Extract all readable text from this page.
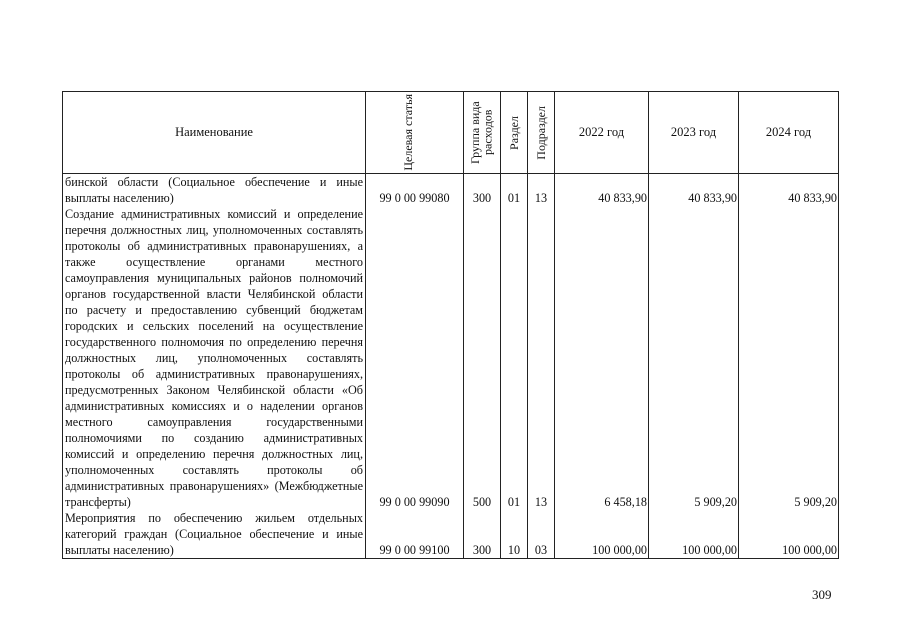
Наименование	Целевая статья	Группа вида расходов	Раздел	Подраздел	2022 год	2023 год	2024 год
бинской области (Социальное обеспечение и иные выплаты населению)	99 0 00 99080	300	01	13	40 833,90	40 833,90	40 833,90
Создание административных комиссий и определение перечня должностных лиц, уполномоченных составлять протоколы об административных правонарушениях, а также осуществление органами местного самоуправления муниципальных районов полномочий органов государственной власти Челябинской области по расчету и предоставлению субвенций бюджетам городских и сельских поселений на осуществление государственного полномочия по определению перечня должностных лиц, уполномоченных составлять протоколы об административных правонарушениях, предусмотренных Законом Челябинской области «Об административных комиссиях и о наделении органов местного самоуправления государственными полномочиями по созданию административных комиссий и определению перечня должностных лиц, уполномоченных составлять протоколы об административных правонарушениях» (Межбюджетные трансферты)	99 0 00 99090	500	01	13	6 458,18	5 909,20	5 909,20
Мероприятия по обеспечению жильем отдельных категорий граждан (Социальное обеспечение и иные выплаты населению)	99 0 00 99100	300	10	03	100 000,00	100 000,00	100 000,00
309
